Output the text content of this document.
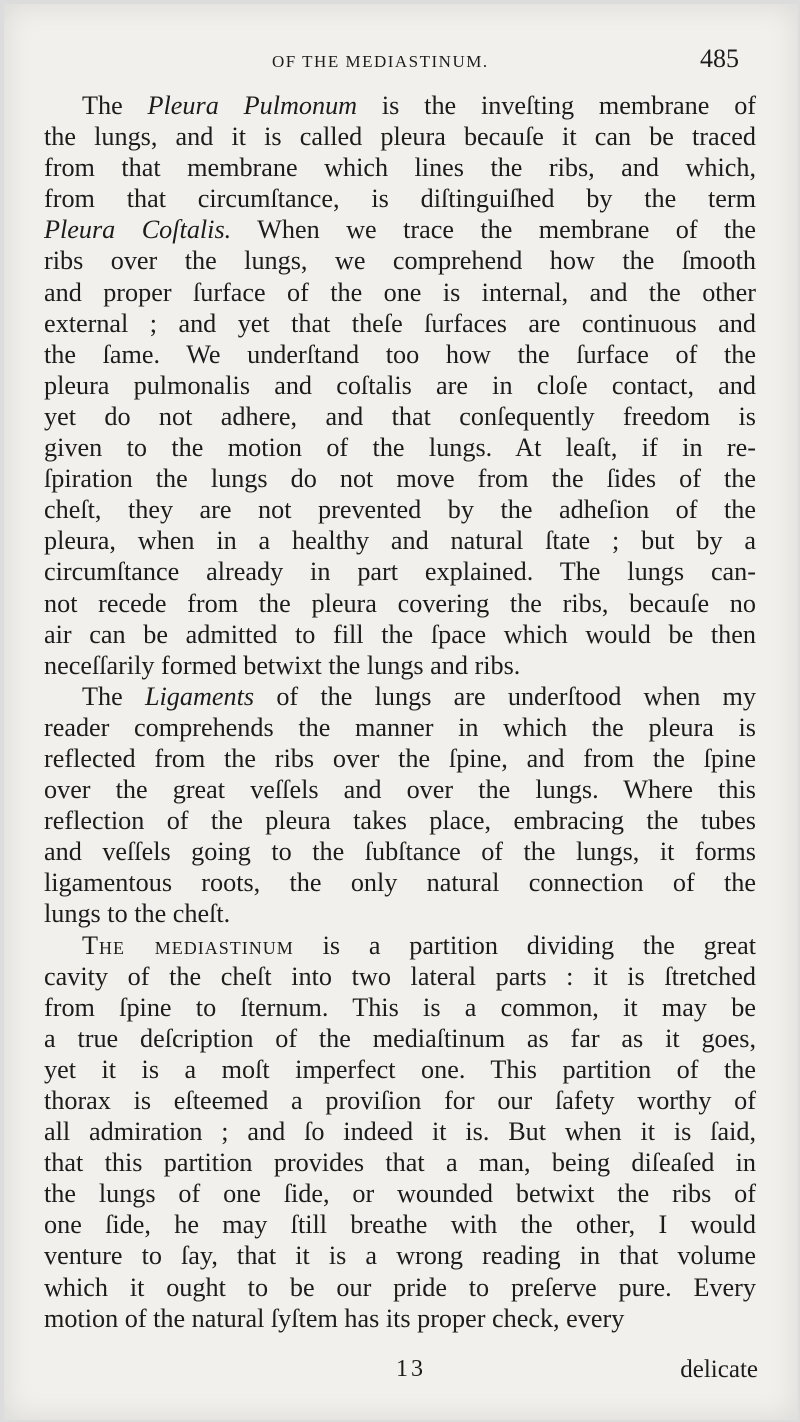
OF THE MEDIASTINUM.	485
The Pleura Pulmonum is the inveſting membrane of
the lungs, and it is called pleura becauſe it can be traced
from that membrane which lines the ribs, and which,
from that circumſtance, is diſtinguiſhed by the term
Pleura Coſtalis. When we trace the membrane of the
ribs over the lungs, we comprehend how the ſmooth
and proper ſurface of the one is internal, and the other
external ; and yet that theſe ſurfaces are continuous and
the ſame. We underſtand too how the ſurface of the
pleura pulmonalis and coſtalis are in cloſe contact, and
yet do not adhere, and that conſequently freedom is
given to the motion of the lungs. At leaſt, if in re-
ſpiration the lungs do not move from the ſides of the
cheſt, they are not prevented by the adheſion of the
pleura, when in a healthy and natural ſtate ; but by a
circumſtance already in part explained. The lungs can-
not recede from the pleura covering the ribs, becauſe no
air can be admitted to fill the ſpace which would be then
neceſſarily formed betwixt the lungs and ribs.
The Ligaments of the lungs are underſtood when my
reader comprehends the manner in which the pleura is
reflected from the ribs over the ſpine, and from the ſpine
over the great veſſels and over the lungs. Where this
reflection of the pleura takes place, embracing the tubes
and veſſels going to the ſubſtance of the lungs, it forms
ligamentous roots, the only natural connection of the
lungs to the cheſt.
The mediastinum is a partition dividing the great
cavity of the cheſt into two lateral parts : it is ſtretched
from ſpine to ſternum. This is a common, it may be
a true deſcription of the mediaſtinum as far as it goes,
yet it is a moſt imperfect one. This partition of the
thorax is eſteemed a proviſion for our ſafety worthy of
all admiration ; and ſo indeed it is. But when it is ſaid,
that this partition provides that a man, being diſeaſed in
the lungs of one ſide, or wounded betwixt the ribs of
one ſide, he may ſtill breathe with the other, I would
venture to ſay, that it is a wrong reading in that volume
which it ought to be our pride to preſerve pure. Every
motion of the natural ſyſtem has its proper check, every
13	delicate
